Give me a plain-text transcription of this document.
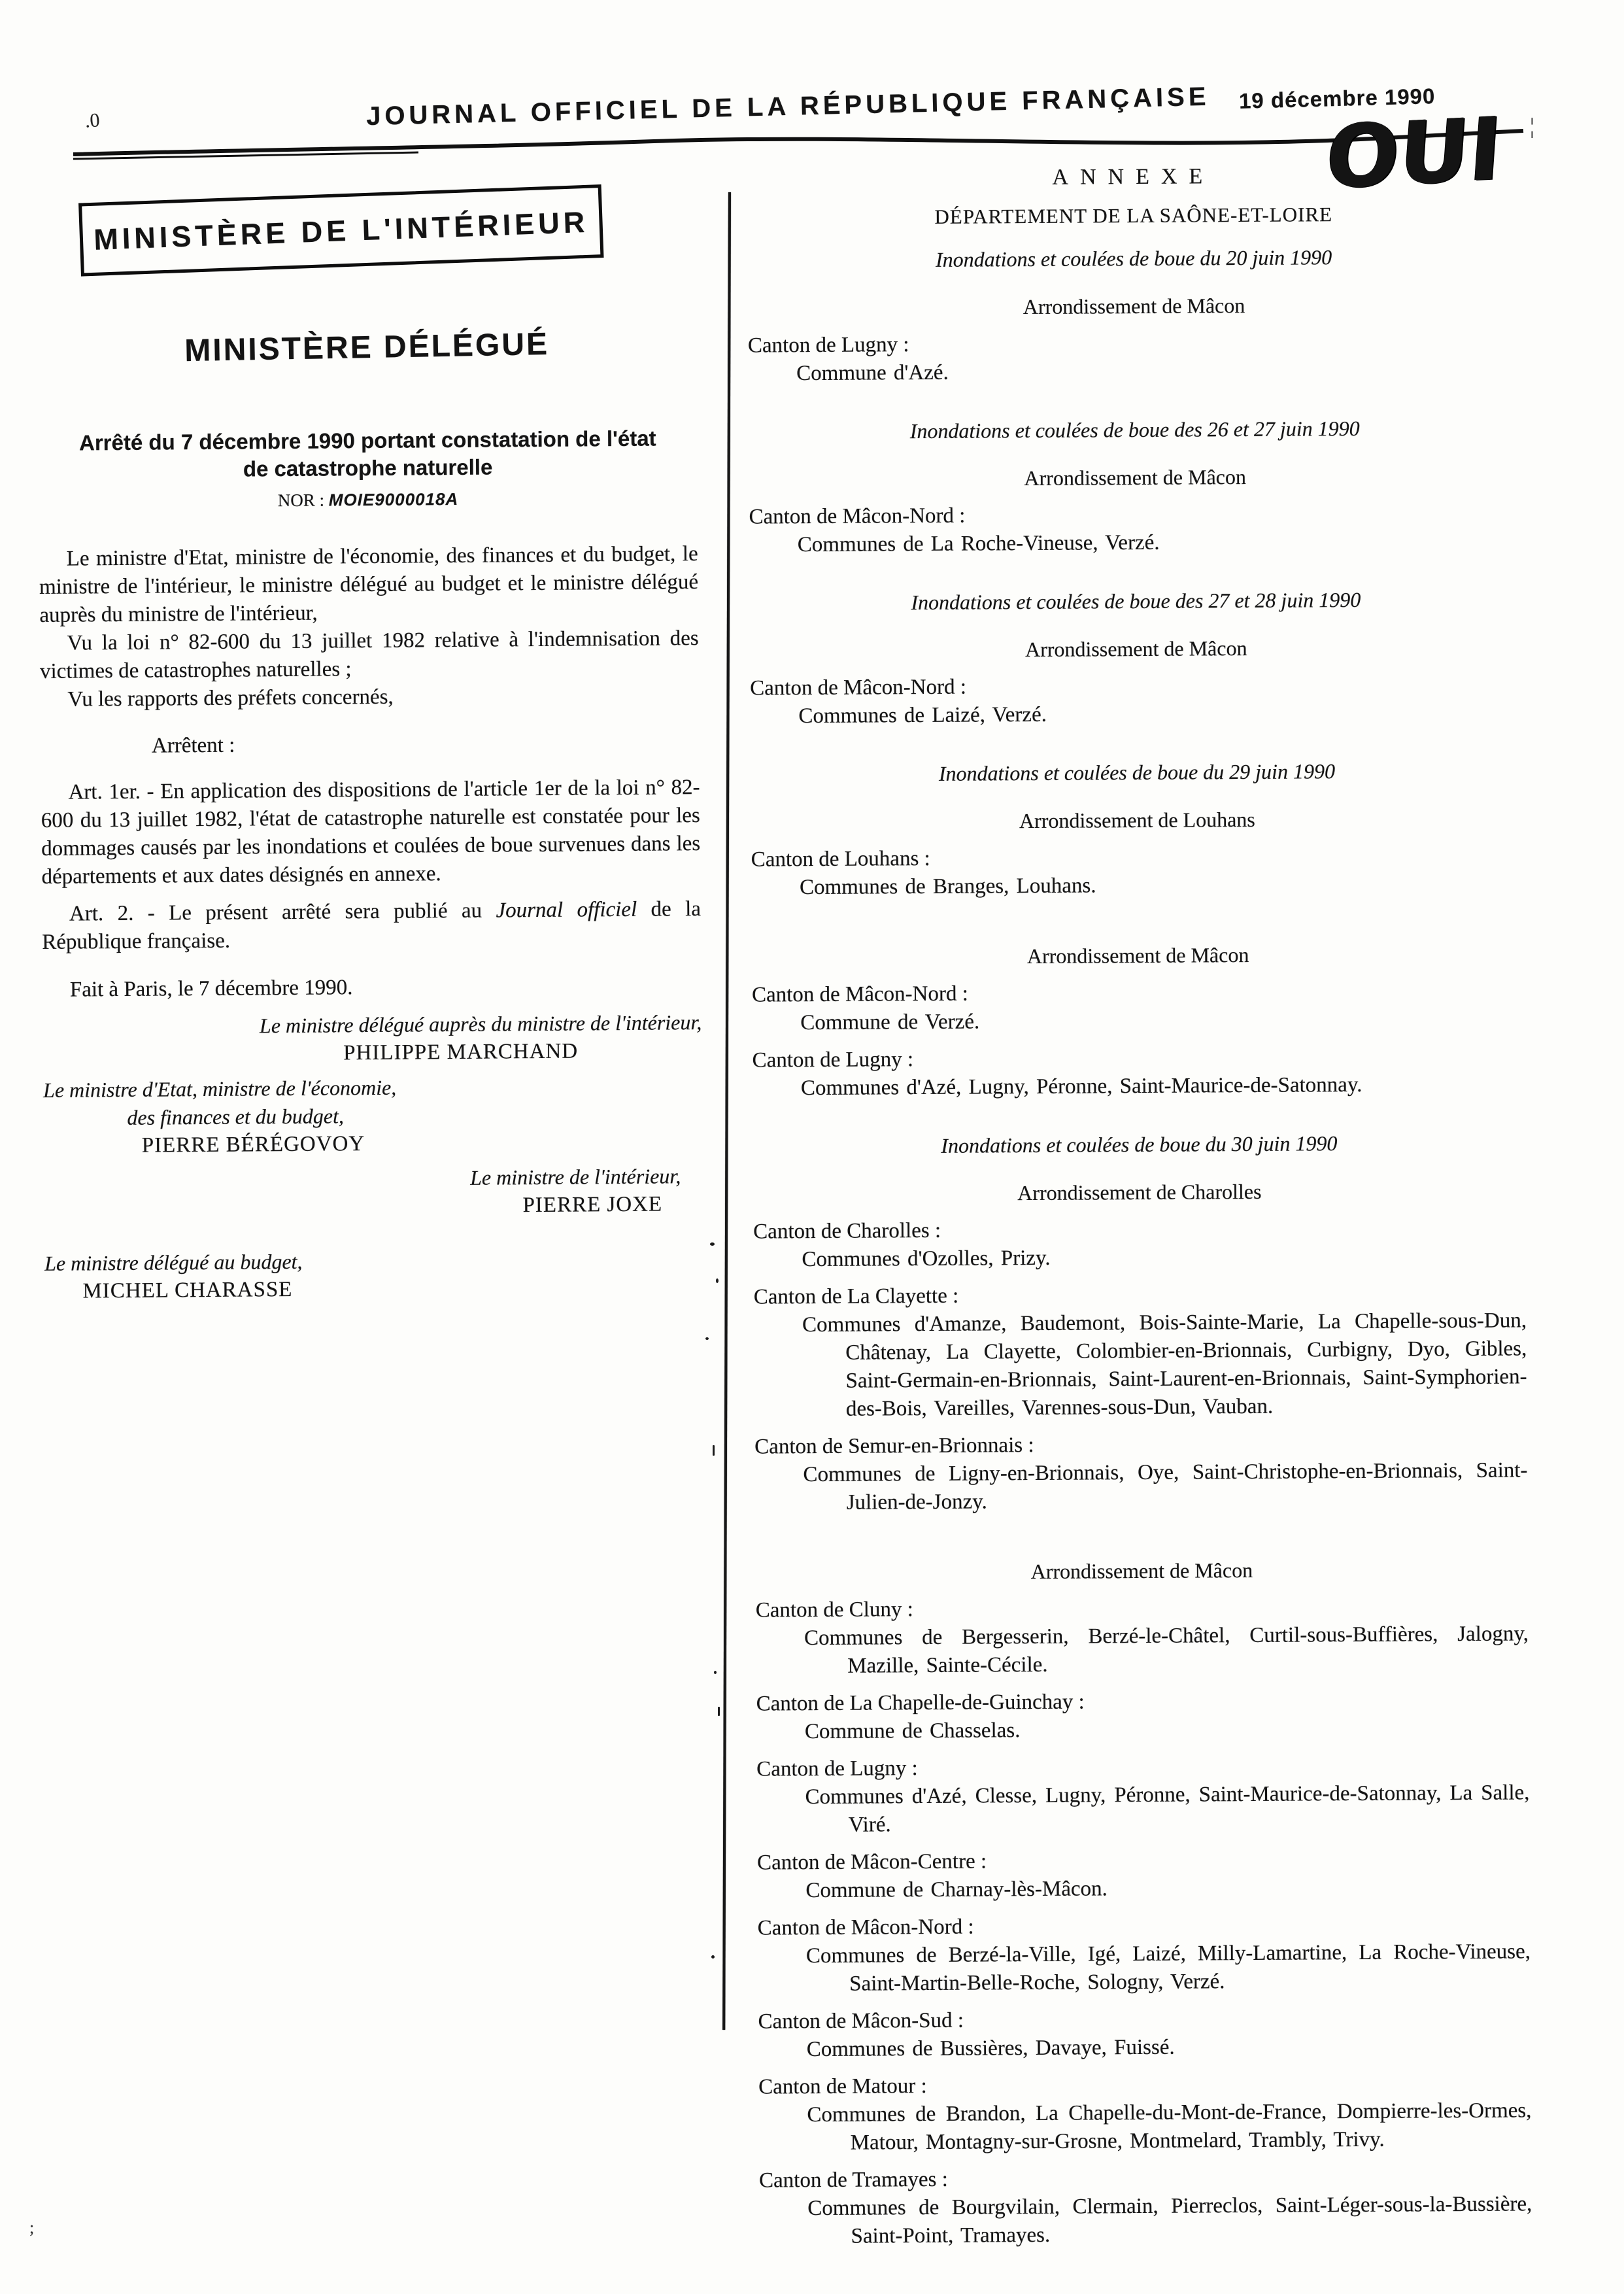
.0	JOURNAL OFFICIEL DE LA RÉPUBLIQUE FRANÇAISE 19 décembre 1990
¦
OUI
MINISTÈRE DE L'INTÉRIEUR
MINISTÈRE DÉLÉGUÉ
Arrêté du 7 décembre 1990 portant constatation de l'état de catastrophe naturelle
NOR : MOIE9000018A

Le ministre d'Etat, ministre de l'économie, des finances et du budget, le ministre de l'intérieur, le ministre délégué au budget et le ministre délégué auprès du ministre de l'intérieur,

Vu la loi n° 82-600 du 13 juillet 1982 relative à l'indemnisation des victimes de catastrophes naturelles ;

Vu les rapports des préfets concernés,

Arrêtent :

Art. 1er. - En application des dispositions de l'article 1er de la loi n° 82-600 du 13 juillet 1982, l'état de catastrophe naturelle est constatée pour les dommages causés par les inondations et coulées de boue survenues dans les départements et aux dates désignés en annexe.

Art. 2. - Le présent arrêté sera publié au Journal officiel de la République française.

Fait à Paris, le 7 décembre 1990.

Le ministre délégué auprès du ministre de l'intérieur,

PHILIPPE MARCHAND

Le ministre d'Etat, ministre de l'économie,

des finances et du budget,

PIERRE BÉRÉGOVOY

Le ministre de l'intérieur,

PIERRE JOXE

Le ministre délégué au budget,

MICHEL CHARASSE

ANNEXE
DÉPARTEMENT DE LA SAÔNE-ET-LOIRE
Inondations et coulées de boue du 20 juin 1990
Arrondissement de Mâcon
Canton de Lugny :
Commune d'Azé.
Inondations et coulées de boue des 26 et 27 juin 1990
Arrondissement de Mâcon
Canton de Mâcon-Nord :
Communes de La Roche-Vineuse, Verzé.
Inondations et coulées de boue des 27 et 28 juin 1990
Arrondissement de Mâcon
Canton de Mâcon-Nord :
Communes de Laizé, Verzé.
Inondations et coulées de boue du 29 juin 1990
Arrondissement de Louhans
Canton de Louhans :
Communes de Branges, Louhans.
Arrondissement de Mâcon
Canton de Mâcon-Nord :
Commune de Verzé.
Canton de Lugny :
Communes d'Azé, Lugny, Péronne, Saint-Maurice-de-Satonnay.
Inondations et coulées de boue du 30 juin 1990
Arrondissement de Charolles
Canton de Charolles :
Communes d'Ozolles, Prizy.
Canton de La Clayette :
Communes d'Amanze, Baudemont, Bois-Sainte-Marie, La Chapelle-sous-Dun, Châtenay, La Clayette, Colombier-en-Brionnais, Curbigny, Dyo, Gibles, Saint-Germain-en-Brionnais, Saint-Laurent-en-Brionnais, Saint-Symphorien-des-Bois, Vareilles, Varennes-sous-Dun, Vauban.
Canton de Semur-en-Brionnais :
Communes de Ligny-en-Brionnais, Oye, Saint-Christophe-en-Brionnais, Saint-Julien-de-Jonzy.
Arrondissement de Mâcon
Canton de Cluny :
Communes de Bergesserin, Berzé-le-Châtel, Curtil-sous-Buffières, Jalogny, Mazille, Sainte-Cécile.
Canton de La Chapelle-de-Guinchay :
Commune de Chasselas.
Canton de Lugny :
Communes d'Azé, Clesse, Lugny, Péronne, Saint-Maurice-de-Satonnay, La Salle, Viré.
Canton de Mâcon-Centre :
Commune de Charnay-lès-Mâcon.
Canton de Mâcon-Nord :
Communes de Berzé-la-Ville, Igé, Laizé, Milly-Lamartine, La Roche-Vineuse, Saint-Martin-Belle-Roche, Sologny, Verzé.
Canton de Mâcon-Sud :
Communes de Bussières, Davaye, Fuissé.
Canton de Matour :
Communes de Brandon, La Chapelle-du-Mont-de-France, Dompierre-les-Ormes, Matour, Montagny-sur-Grosne, Montmelard, Trambly, Trivy.
Canton de Tramayes :
Communes de Bourgvilain, Clermain, Pierreclos, Saint-Léger-sous-la-Bussière, Saint-Point, Tramayes.
;
